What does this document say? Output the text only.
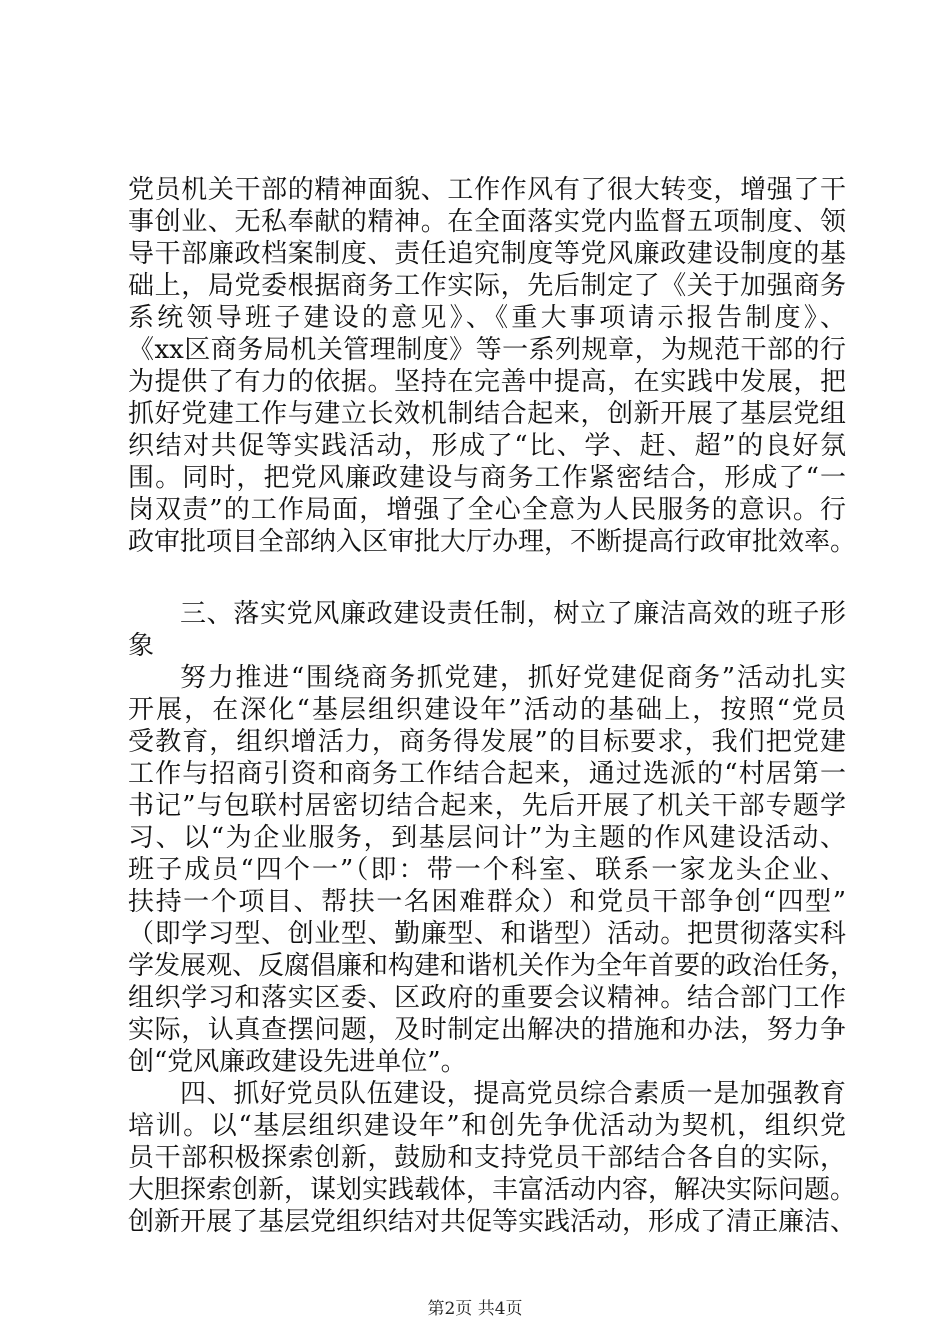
党员机关干部的精神面貌、工作作风有了很大转变，增强了干
事创业、无私奉献的精神。在全面落实党内监督五项制度、领
导干部廉政档案制度、责任追究制度等党风廉政建设制度的基
础上，局党委根据商务工作实际，先后制定了《关于加强商务
系统领导班子建设的意见》、《重大事项请示报告制度》、
《xx区商务局机关管理制度》等一系列规章，为规范干部的行
为提供了有力的依据。坚持在完善中提高，在实践中发展，把
抓好党建工作与建立长效机制结合起来，创新开展了基层党组
织结对共促等实践活动，形成了“比、学、赶、超”的良好氛
围。同时，把党风廉政建设与商务工作紧密结合，形成了“一
岗双责”的工作局面，增强了全心全意为人民服务的意识。行
政审批项目全部纳入区审批大厅办理，不断提高行政审批效率。
三、落实党风廉政建设责任制，树立了廉洁高效的班子形
象
努力推进“围绕商务抓党建，抓好党建促商务”活动扎实
开展，在深化“基层组织建设年”活动的基础上，按照“党员
受教育，组织增活力，商务得发展”的目标要求，我们把党建
工作与招商引资和商务工作结合起来，通过选派的“村居第一
书记”与包联村居密切结合起来，先后开展了机关干部专题学
习、以“为企业服务，到基层问计”为主题的作风建设活动、
班子成员“四个一”（即：带一个科室、联系一家龙头企业、
扶持一个项目、帮扶一名困难群众）和党员干部争创“四型”
（即学习型、创业型、勤廉型、和谐型）活动。把贯彻落实科
学发展观、反腐倡廉和构建和谐机关作为全年首要的政治任务，
组织学习和落实区委、区政府的重要会议精神。结合部门工作
实际，认真查摆问题，及时制定出解决的措施和办法，努力争
创“党风廉政建设先进单位”。
四、抓好党员队伍建设，提高党员综合素质一是加强教育
培训。以“基层组织建设年”和创先争优活动为契机，组织党
员干部积极探索创新，鼓励和支持党员干部结合各自的实际，
大胆探索创新，谋划实践载体，丰富活动内容，解决实际问题。
创新开展了基层党组织结对共促等实践活动，形成了清正廉洁、
第2页 共4页
